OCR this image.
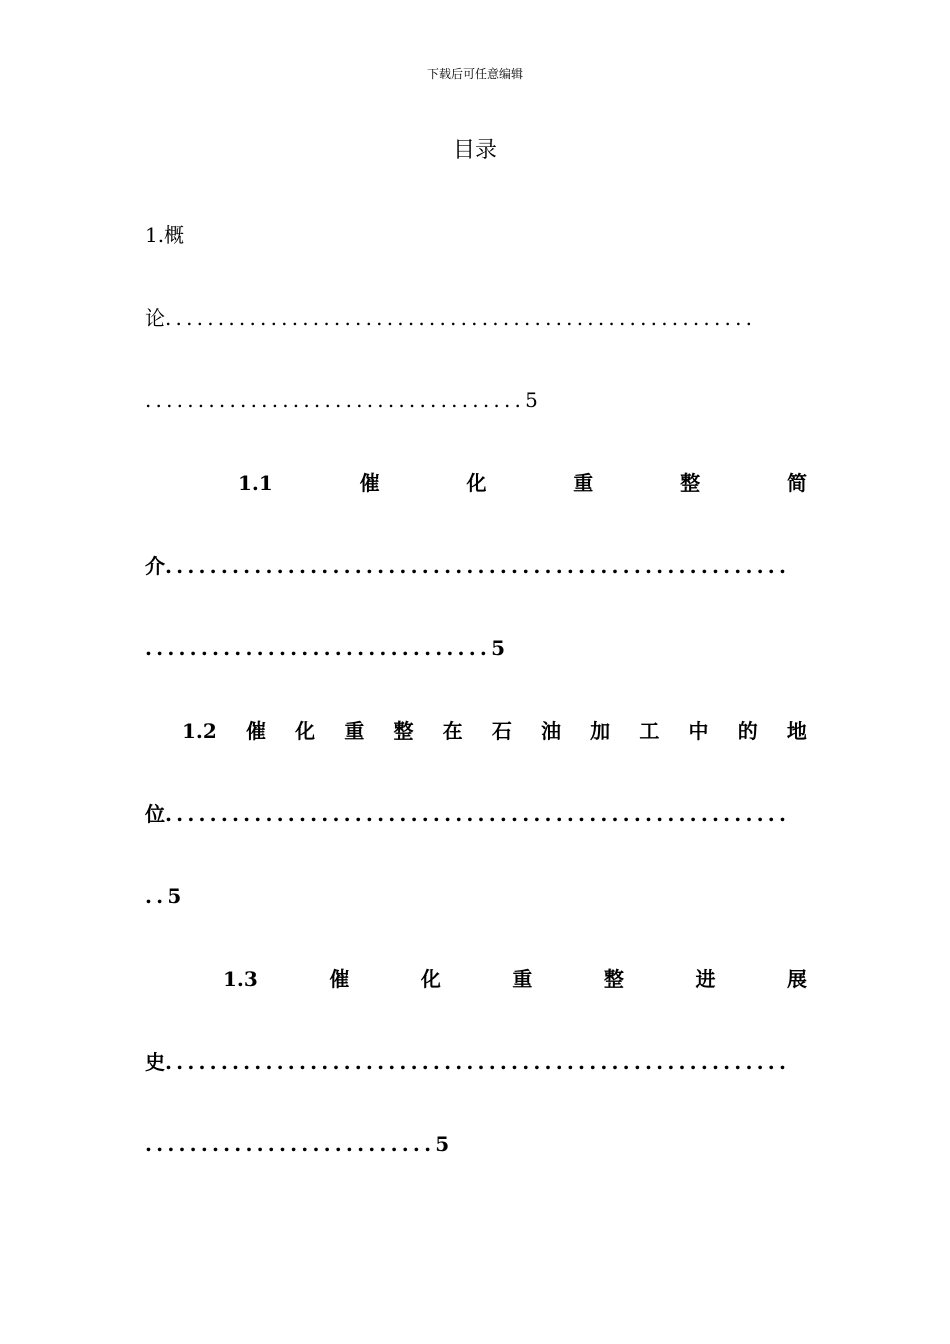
下载后可任意编辑
目录
1.概
论........................................................
....................................5
1.1	催	化	重	整	简
介........................................................
...............................5
1.2 催 化 重 整 在 石 油 加 工 中 的 地
位........................................................
..5
1.3	催	化	重	整	进	展
史........................................................
..........................5
